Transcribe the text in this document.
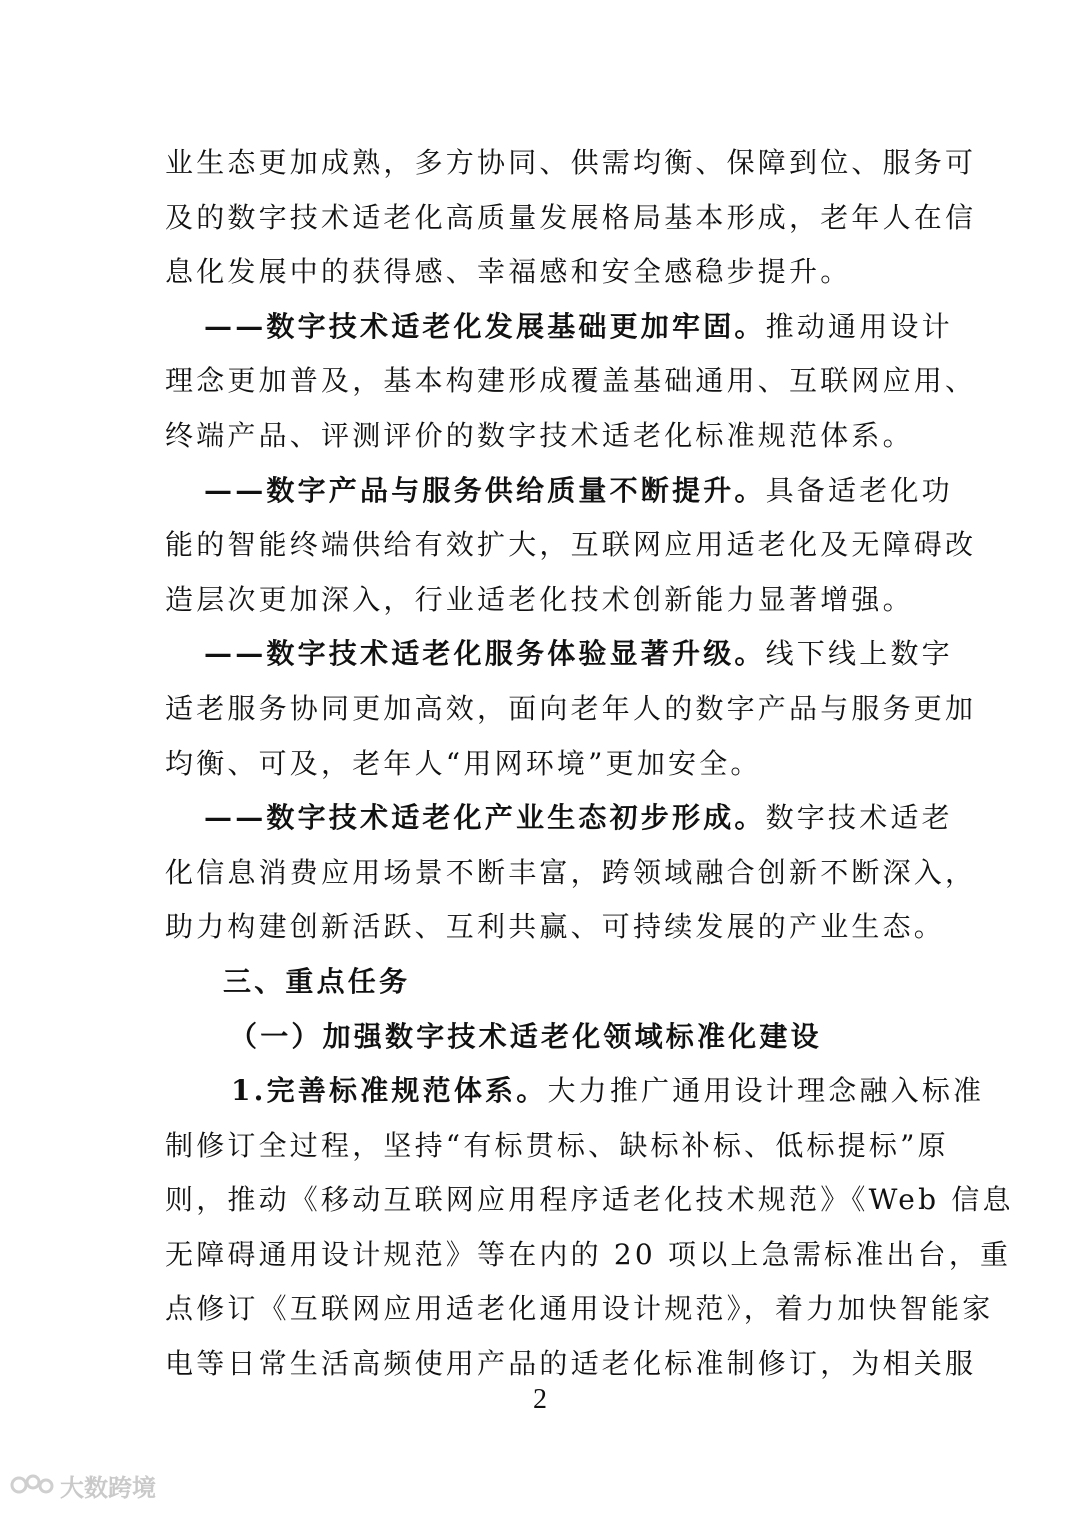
业生态更加成熟，多方协同、供需均衡、保障到位、服务可
及的数字技术适老化高质量发展格局基本形成，老年人在信
息化发展中的获得感、幸福感和安全感稳步提升。
——数字技术适老化发展基础更加牢固。推动通用设计
理念更加普及，基本构建形成覆盖基础通用、互联网应用、
终端产品、评测评价的数字技术适老化标准规范体系。
——数字产品与服务供给质量不断提升。具备适老化功
能的智能终端供给有效扩大，互联网应用适老化及无障碍改
造层次更加深入，行业适老化技术创新能力显著增强。
——数字技术适老化服务体验显著升级。线下线上数字
适老服务协同更加高效，面向老年人的数字产品与服务更加
均衡、可及，老年人“用网环境”更加安全。
——数字技术适老化产业生态初步形成。数字技术适老
化信息消费应用场景不断丰富，跨领域融合创新不断深入，
助力构建创新活跃、互利共赢、可持续发展的产业生态。
三、重点任务
（一）加强数字技术适老化领域标准化建设
1.完善标准规范体系。大力推广通用设计理念融入标准
制修订全过程，坚持“有标贯标、缺标补标、低标提标”原
则，推动《移动互联网应用程序适老化技术规范》《Web 信息
无障碍通用设计规范》等在内的 20 项以上急需标准出台，重
点修订《互联网应用适老化通用设计规范》，着力加快智能家
电等日常生活高频使用产品的适老化标准制修订，为相关服
2
大数跨境
